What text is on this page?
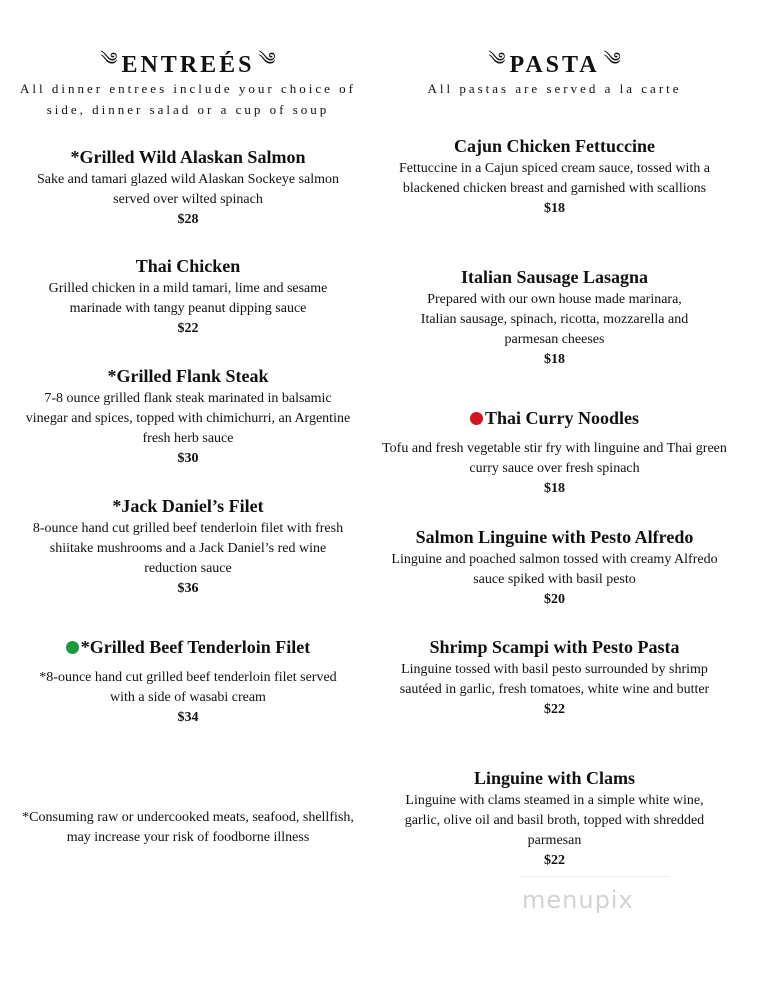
༄ ENTREÉS ༄
All dinner entrees include your choice of side, dinner salad or a cup of soup
*Grilled Wild Alaskan Salmon
Sake and tamari glazed wild Alaskan Sockeye salmon served over wilted spinach
$28
Thai Chicken
Grilled chicken in a mild tamari, lime and sesame marinade with tangy peanut dipping sauce
$22
*Grilled Flank Steak
7-8 ounce grilled flank steak marinated in balsamic vinegar and spices, topped with chimichurri, an Argentine fresh herb sauce
$30
*Jack Daniel’s Filet
8-ounce hand cut grilled beef tenderloin filet with fresh shiitake mushrooms and a Jack Daniel’s red wine reduction sauce
$36
*Grilled Beef Tenderloin Filet
*8-ounce hand cut grilled beef tenderloin filet served with a side of wasabi cream
$34
*Consuming raw or undercooked meats, seafood, shellfish, may increase your risk of foodborne illness
༄ PASTA ༄
All pastas are served a la carte
Cajun Chicken Fettuccine
Fettuccine in a Cajun spiced cream sauce, tossed with a blackened chicken breast and garnished with scallions
$18
Italian Sausage Lasagna
Prepared with our own house made marinara, Italian sausage, spinach, ricotta, mozzarella and parmesan cheeses
$18
Thai Curry Noodles
Tofu and fresh vegetable stir fry with linguine and Thai green curry sauce over fresh spinach
$18
Salmon Linguine with Pesto Alfredo
Linguine and poached salmon tossed with creamy Alfredo sauce spiked with basil pesto
$20
Shrimp Scampi with Pesto Pasta
Linguine tossed with basil pesto surrounded by shrimp sautéed in garlic, fresh tomatoes, white wine and butter
$22
Linguine with Clams
Linguine with clams steamed in a simple white wine, garlic, olive oil and basil broth, topped with shredded parmesan
$22
menupix
